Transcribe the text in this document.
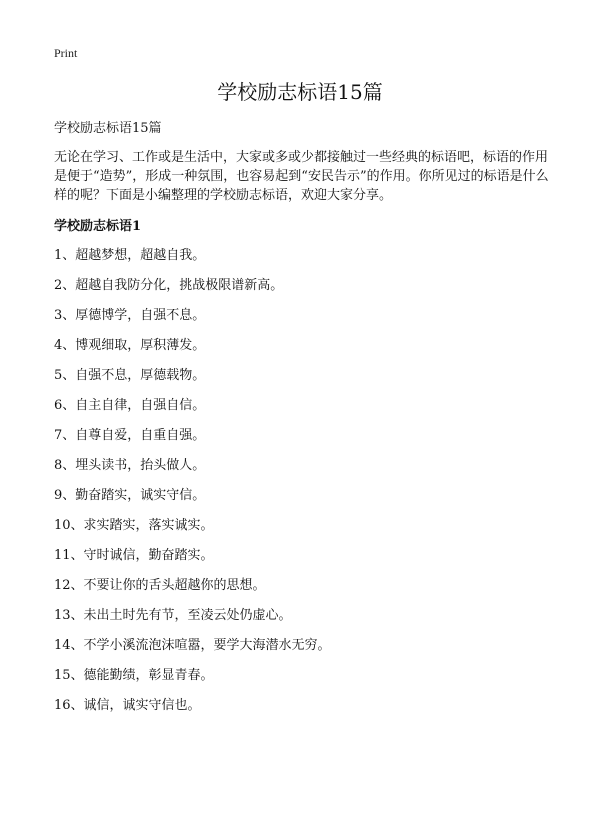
Print
学校励志标语15篇
学校励志标语15篇

无论在学习、工作或是生活中，大家或多或少都接触过一些经典的标语吧，标语的作用是便于“造势”，形成一种氛围，也容易起到“安民告示”的作用。你所见过的标语是什么样的呢？下面是小编整理的学校励志标语，欢迎大家分享。

学校励志标语1
1、超越梦想，超越自我。
2、超越自我防分化，挑战极限谱新高。
3、厚德博学，自强不息。
4、博观细取，厚积薄发。
5、自强不息，厚德载物。
6、自主自律，自强自信。
7、自尊自爱，自重自强。
8、埋头读书，抬头做人。
9、勤奋踏实，诚实守信。
10、求实踏实，落实诚实。
11、守时诚信，勤奋踏实。
12、不要让你的舌头超越你的思想。
13、未出土时先有节，至凌云处仍虚心。
14、不学小溪流泡沫喧嚣，要学大海潜水无穷。
15、德能勤绩，彰显青春。
16、诚信，诚实守信也。
